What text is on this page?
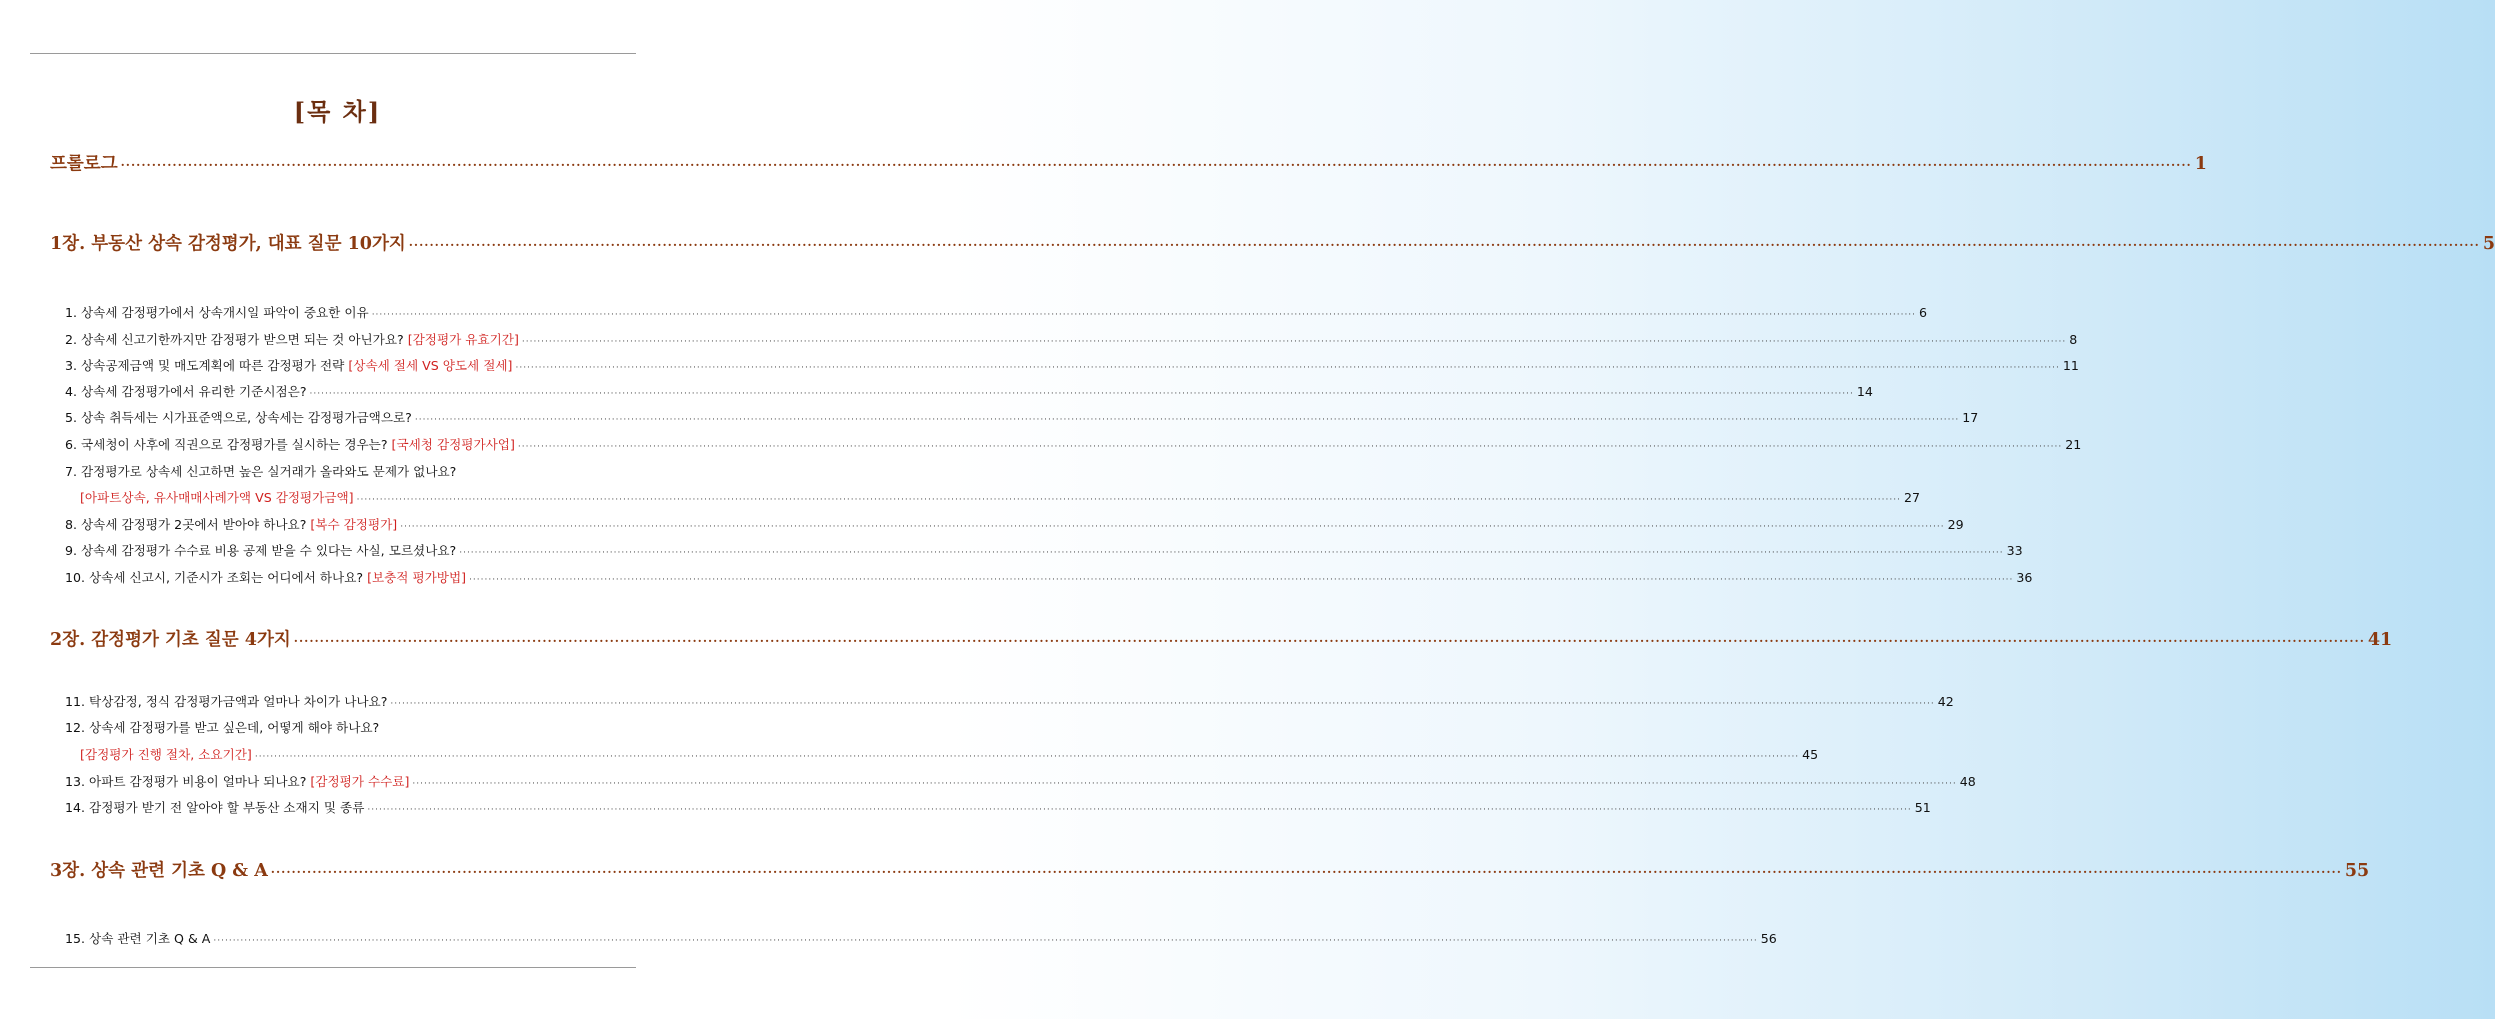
[목 차]
프롤로그 ················································································································································································································································································································································································································ 1
1장. 부동산 상속 감정평가, 대표 질문 10가지 ················································································································································································································································································································································································································ 5
1. 상속세 감정평가에서 상속개시일 파악이 중요한 이유 ················································································································································································································································································································································································································ 6
2. 상속세 신고기한까지만 감정평가 받으면 되는 것 아닌가요? [감정평가 유효기간] ················································································································································································································································································································································································································ 8
3. 상속공제금액 및 매도계획에 따른 감정평가 전략 [상속세 절세 VS 양도세 절세] ················································································································································································································································································································································································································ 11
4. 상속세 감정평가에서 유리한 기준시점은? ················································································································································································································································································································································································································ 14
5. 상속 취득세는 시가표준액으로, 상속세는 감정평가금액으로? ················································································································································································································································································································································································································ 17
6. 국세청이 사후에 직권으로 감정평가를 실시하는 경우는? [국세청 감정평가사업] ················································································································································································································································································································································································································ 21
7. 감정평가로 상속세 신고하면 높은 실거래가 올라와도 문제가 없나요?
[아파트상속, 유사매매사례가액 VS 감정평가금액] ················································································································································································································································································································································································································ 27
8. 상속세 감정평가 2곳에서 받아야 하나요? [복수 감정평가] ················································································································································································································································································································································································································ 29
9. 상속세 감정평가 수수료 비용 공제 받을 수 있다는 사실, 모르셨나요? ················································································································································································································································································································································································································ 33
10. 상속세 신고시, 기준시가 조회는 어디에서 하나요? [보충적 평가방법] ················································································································································································································································································································································································································ 36
2장. 감정평가 기초 질문 4가지 ················································································································································································································································································································································································································ 41
11. 탁상감정, 정식 감정평가금액과 얼마나 차이가 나나요? ················································································································································································································································································································································································································ 42
12. 상속세 감정평가를 받고 싶은데, 어떻게 해야 하나요?
[감정평가 진행 절차, 소요기간] ················································································································································································································································································································································································································ 45
13. 아파트 감정평가 비용이 얼마나 되나요? [감정평가 수수료] ················································································································································································································································································································································································································ 48
14. 감정평가 받기 전 알아야 할 부동산 소재지 및 종류 ················································································································································································································································································································································································································ 51
3장. 상속 관련 기초 Q & A ················································································································································································································································································································································································································ 55
15. 상속 관련 기초 Q & A ················································································································································································································································································································································································································ 56
